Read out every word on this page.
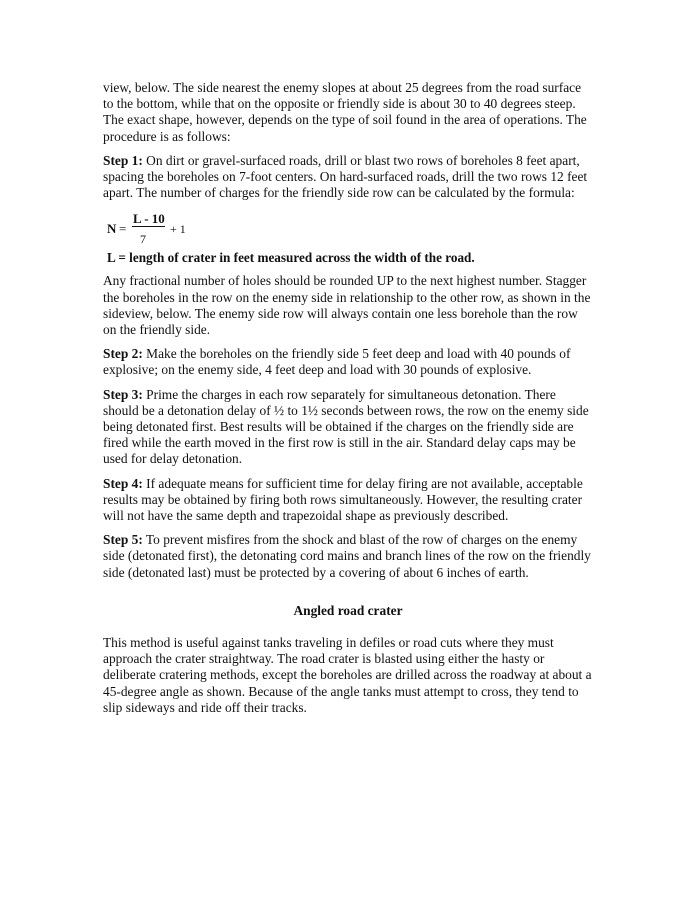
view, below. The side nearest the enemy slopes at about 25 degrees from the road surface to the bottom, while that on the opposite or friendly side is about 30 to 40 degrees steep. The exact shape, however, depends on the type of soil found in the area of operations. The procedure is as follows:

Step 1: On dirt or gravel-surfaced roads, drill or blast two rows of boreholes 8 feet apart, spacing the boreholes on 7-foot centers. On hard-surfaced roads, drill the two rows 12 feet apart. The number of charges for the friendly side row can be calculated by the formula:

N =
L - 10
7
+ 1
L = length of crater in feet measured across the width of the road.

Any fractional number of holes should be rounded UP to the next highest number. Stagger the boreholes in the row on the enemy side in relationship to the other row, as shown in the sideview, below. The enemy side row will always contain one less borehole than the row on the friendly side.

Step 2: Make the boreholes on the friendly side 5 feet deep and load with 40 pounds of explosive; on the enemy side, 4 feet deep and load with 30 pounds of explosive.

Step 3: Prime the charges in each row separately for simultaneous detonation. There should be a detonation delay of ½ to 1½ seconds between rows, the row on the enemy side being detonated first. Best results will be obtained if the charges on the friendly side are fired while the earth moved in the first row is still in the air. Standard delay caps may be used for delay detonation.

Step 4: If adequate means for sufficient time for delay firing are not available, acceptable results may be obtained by firing both rows simultaneously. However, the resulting crater will not have the same depth and trapezoidal shape as previously described.

Step 5: To prevent misfires from the shock and blast of the row of charges on the enemy side (detonated first), the detonating cord mains and branch lines of the row on the friendly side (detonated last) must be protected by a covering of about 6 inches of earth.

Angled road crater

This method is useful against tanks traveling in defiles or road cuts where they must approach the crater straightway. The road crater is blasted using either the hasty or deliberate cratering methods, except the boreholes are drilled across the roadway at about a 45-degree angle as shown. Because of the angle tanks must attempt to cross, they tend to slip sideways and ride off their tracks.
